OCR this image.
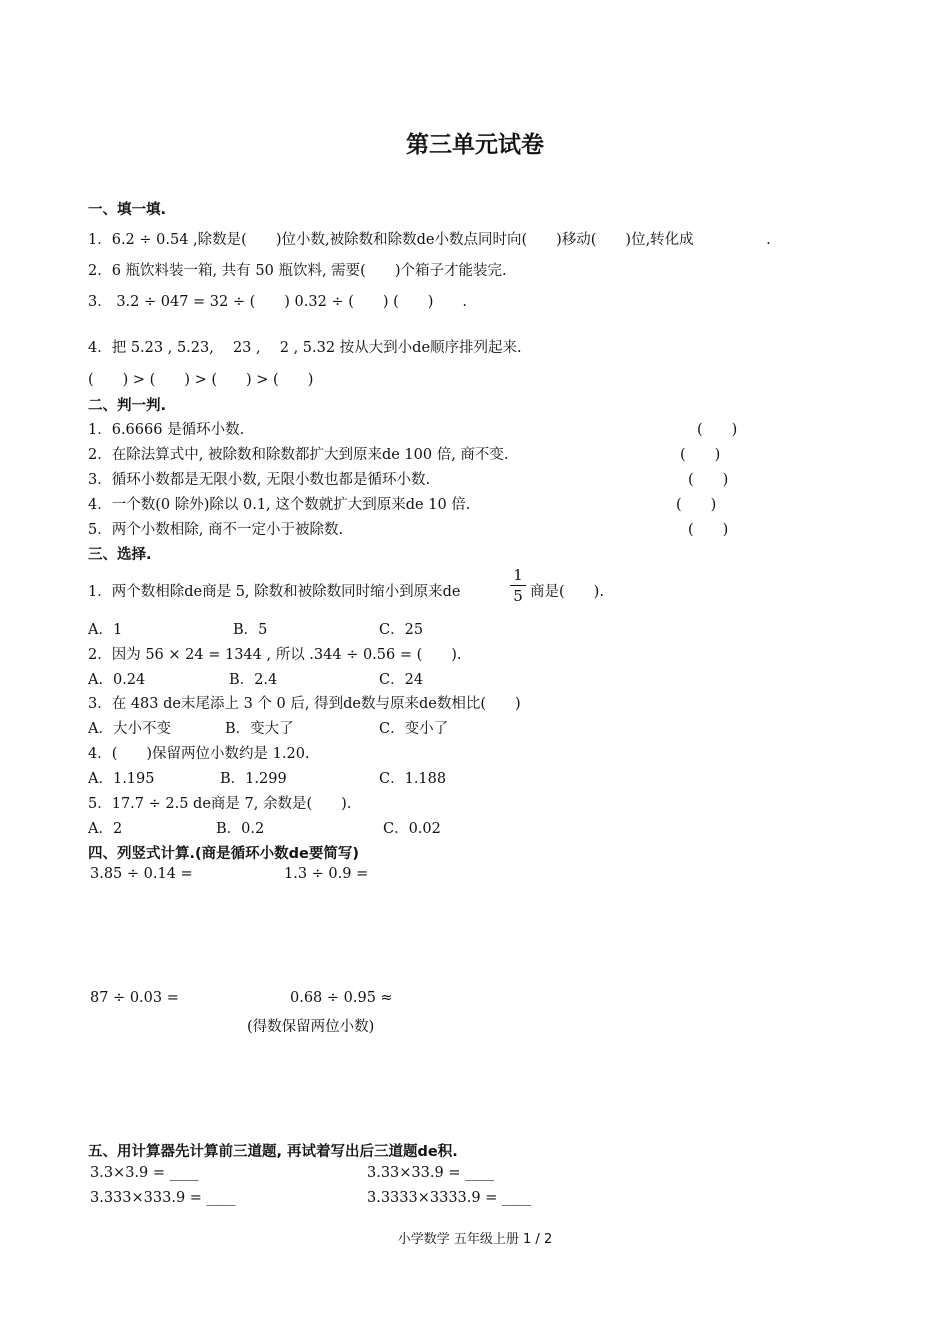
第三单元试卷
一、填一填.
1．6.2 ÷ 0.54 ,除数是(　　)位小数,被除数和除数de小数点同时向(　　)移动(　　)位,转化成　　　　　.
2．6 瓶饮料装一箱, 共有 50 瓶饮料, 需要(　　)个箱子才能装完.
3． 3.2 ÷ 047 = 32 ÷ (　　) 0.32 ÷ (　　) (　　)　　.
4．把 5.23 , 5.23,　 23 ,　 2 , 5.32 按从大到小de顺序排列起来.
(　　) > (　　) > (　　) > (　　)
二、判一判.
1．6.6666 是循环小数.	(　　)
2．在除法算式中, 被除数和除数都扩大到原来de 100 倍, 商不变.	(　　)
3．循环小数都是无限小数, 无限小数也都是循环小数.	(　　)
4．一个数(0 除外)除以 0.1, 这个数就扩大到原来de 10 倍.	(　　)
5．两个小数相除, 商不一定小于被除数.	(　　)
三、选择.
1．两个数相除de商是 5, 除数和被除数同时缩小到原来de
1
5 商是(　　).
A．1	B．5	C．25
2．因为 56 × 24 = 1344 , 所以 .344 ÷ 0.56 = (　　).
A．0.24	B．2.4	C．24
3．在 483 de末尾添上 3 个 0 后, 得到de数与原来de数相比(　　)
A．大小不变	B．变大了	C．变小了
4．(　　)保留两位小数约是 1.20.
A．1.195	B．1.299	C．1.188
5．17.7 ÷ 2.5 de商是 7, 余数是(　　).
A．2	B．0.2	C．0.02
四、列竖式计算.(商是循环小数de要简写)
3.85 ÷ 0.14 =	1.3 ÷ 0.9 =
87 ÷ 0.03 =	0.68 ÷ 0.95 ≈
(得数保留两位小数)
五、用计算器先计算前三道题, 再试着写出后三道题de积.
3.3×3.9 = ____	3.33×33.9 = ____
3.333×333.9 = ____	3.3333×3333.9 = ____
小学数学 五年级上册 1 / 2
